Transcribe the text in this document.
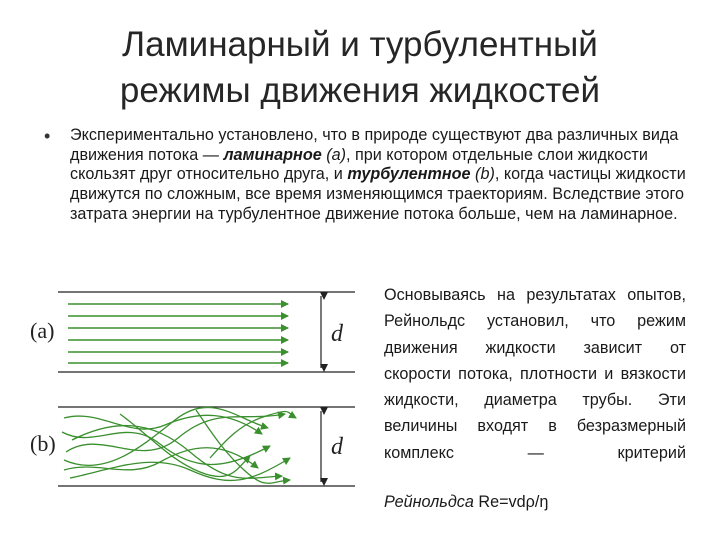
Ламинарный и турбулентный
режимы движения жидкостей
• Экспериментально установлено, что в природе существуют два различных вида движения потока — ламинарное (a), при котором отдельные слои жидкости скользят друг относительно друга, и турбулентное (b), когда частицы жидкости движутся по сложным, все время изменяющимся траекториям. Вследствие этого затрата энергии на турбулентное движение потока больше, чем на ламинарное.
Основываясь на результатах опытов, Рейнольдс установил, что режим движения жидкости зависит от скорости потока, плотности и вязкости жидкости, диаметра трубы. Эти величины входят в безразмерный комплекс — критерий
Рейнольдса Re=vdρ/ŋ
(a)	d
(b)	d
